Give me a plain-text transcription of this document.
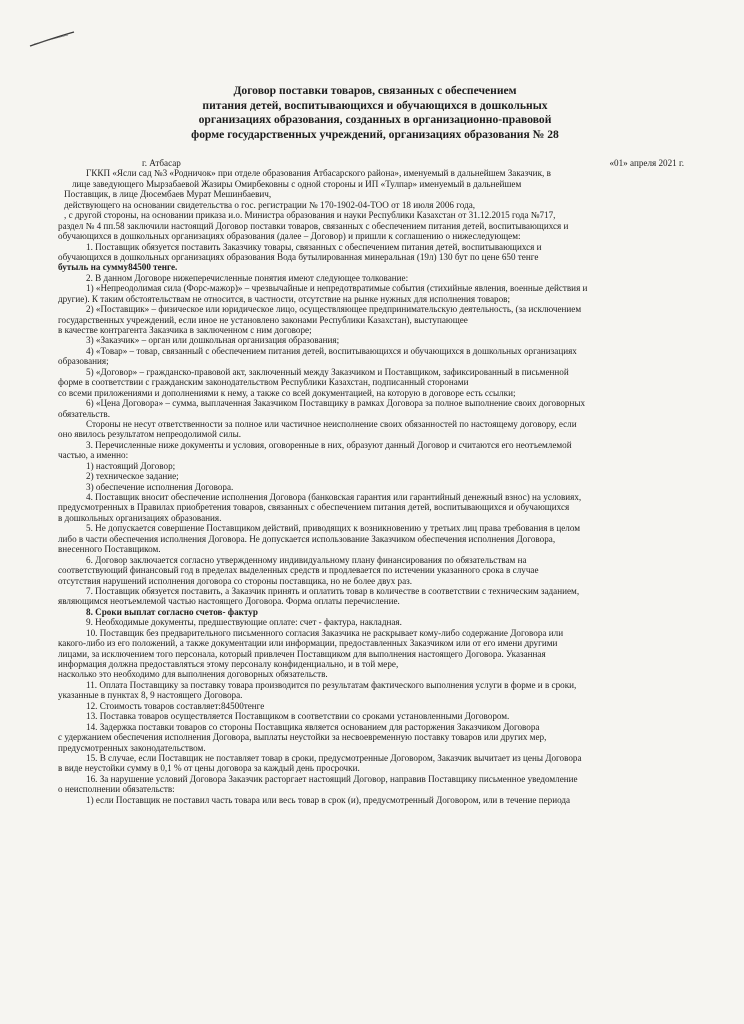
Договор поставки товаров, связанных с обеспечением
питания детей, воспитывающихся и обучающихся в дошкольных
организациях образования, созданных в организационно-правовой
форме государственных учреждений, организациях образования № 28
г. Атбасар	«01» апреля 2021 г.
ГККП «Ясли сад №3 «Родничок» при отделе образования Атбасарского района», именуемый в дальнейшем Заказчик, в
лице заведующего Мырзабаевой Жазиры Омирбековны с одной стороны и ИП «Тулпар» именуемый в дальнейшем
Поставщик, в лице Дюсембаев Мурат Мешинбаевич,
действующего на основании свидетельства о гос. регистрации № 170-1902-04-ТОО от 18 июля 2006 года,
, с другой стороны, на основании приказа и.о. Министра образования и науки Республики Казахстан от 31.12.2015 года №717,
раздел № 4 пп.58 заключили настоящий Договор поставки товаров, связанных с обеспечением питания детей, воспитывающихся и
обучающихся в дошкольных организациях образования (далее – Договор) и пришли к соглашению о нижеследующем:
1. Поставщик обязуется поставить Заказчику товары, связанных с обеспечением питания детей, воспитывающихся и
обучающихся в дошкольных организациях образования Вода бутылированная минеральная (19л) 130 бут по цене 650 тенге
бутыль на сумму84500 тенге.
2. В данном Договоре нижеперечисленные понятия имеют следующее толкование:
1) «Непреодолимая сила (Форс-мажор)» – чрезвычайные и непредотвратимые события (стихийные явления, военные действия и
другие). К таким обстоятельствам не относится, в частности, отсутствие на рынке нужных для исполнения товаров;
2) «Поставщик» – физическое или юридическое лицо, осуществляющее предпринимательскую деятельность, (за исключением
государственных учреждений, если иное не установлено законами Республики Казахстан), выступающее
в качестве контрагента Заказчика в заключенном с ним договоре;
3) «Заказчик» – орган или дошкольная организация образования;
4) «Товар» – товар, связанный с обеспечением питания детей, воспитывающихся и обучающихся в дошкольных организациях
образования;
5) «Договор» – гражданско-правовой акт, заключенный между Заказчиком и Поставщиком, зафиксированный в письменной
форме в соответствии с гражданским законодательством Республики Казахстан, подписанный сторонами
со всеми приложениями и дополнениями к нему, а также со всей документацией, на которую в договоре есть ссылки;
6) «Цена Договора» – сумма, выплаченная Заказчиком Поставщику в рамках Договора за полное выполнение своих договорных
обязательств.
Стороны не несут ответственности за полное или частичное неисполнение своих обязанностей по настоящему договору, если
оно явилось результатом непреодолимой силы.
3. Перечисленные ниже документы и условия, оговоренные в них, образуют данный Договор и считаются его неотъемлемой
частью, а именно:
1) настоящий Договор;
2) техническое задание;
3) обеспечение исполнения Договора.
4. Поставщик вносит обеспечение исполнения Договора (банковская гарантия или гарантийный денежный взнос) на условиях,
предусмотренных в Правилах приобретения товаров, связанных с обеспечением питания детей, воспитывающихся и обучающихся
в дошкольных организациях образования.
5. Не допускается совершение Поставщиком действий, приводящих к возникновению у третьих лиц права требования в целом
либо в части обеспечения исполнения Договора. Не допускается использование Заказчиком обеспечения исполнения Договора,
внесенного Поставщиком.
6. Договор заключается согласно утвержденному индивидуальному плану финансирования по обязательствам на
соответствующий финансовый год в пределах выделенных средств и продлевается по истечении указанного срока в случае
отсутствия нарушений исполнения договора со стороны поставщика, но не более двух раз.
7. Поставщик обязуется поставить, а Заказчик принять и оплатить товар в количестве в соответствии с техническим заданием,
являющимся неотъемлемой частью настоящего Договора. Форма оплаты перечисление.
8. Сроки выплат согласно счетов- фактур
9. Необходимые документы, предшествующие оплате: счет - фактура, накладная.
10. Поставщик без предварительного письменного согласия Заказчика не раскрывает кому-либо содержание Договора или
какого-либо из его положений, а также документации или информации, предоставленных Заказчиком или от его имени другими
лицами, за исключением того персонала, который привлечен Поставщиком для выполнения настоящего Договора. Указанная
информация должна предоставляться этому персоналу конфиденциально, и в той мере,
насколько это необходимо для выполнения договорных обязательств.
11. Оплата Поставщику за поставку товара производится по результатам фактического выполнения услуги в форме и в сроки,
указанные в пунктах 8, 9 настоящего Договора.
12. Стоимость товаров составляет:84500тенге
13. Поставка товаров осуществляется Поставщиком в соответствии со сроками установленными Договором.
14. Задержка поставки товаров со стороны Поставщика является основанием для расторжения Заказчиком Договора
с удержанием обеспечения исполнения Договора, выплаты неустойки за несвоевременную поставку товаров или других мер,
предусмотренных законодательством.
15. В случае, если Поставщик не поставляет товар в сроки, предусмотренные Договором, Заказчик вычитает из цены Договора
в виде неустойки сумму в 0,1 % от цены договора за каждый день просрочки.
16. За нарушение условий Договора Заказчик расторгает настоящий Договор, направив Поставщику письменное уведомление
о неисполнении обязательств:
1) если Поставщик не поставил часть товара или весь товар в срок (и), предусмотренный Договором, или в течение периода
